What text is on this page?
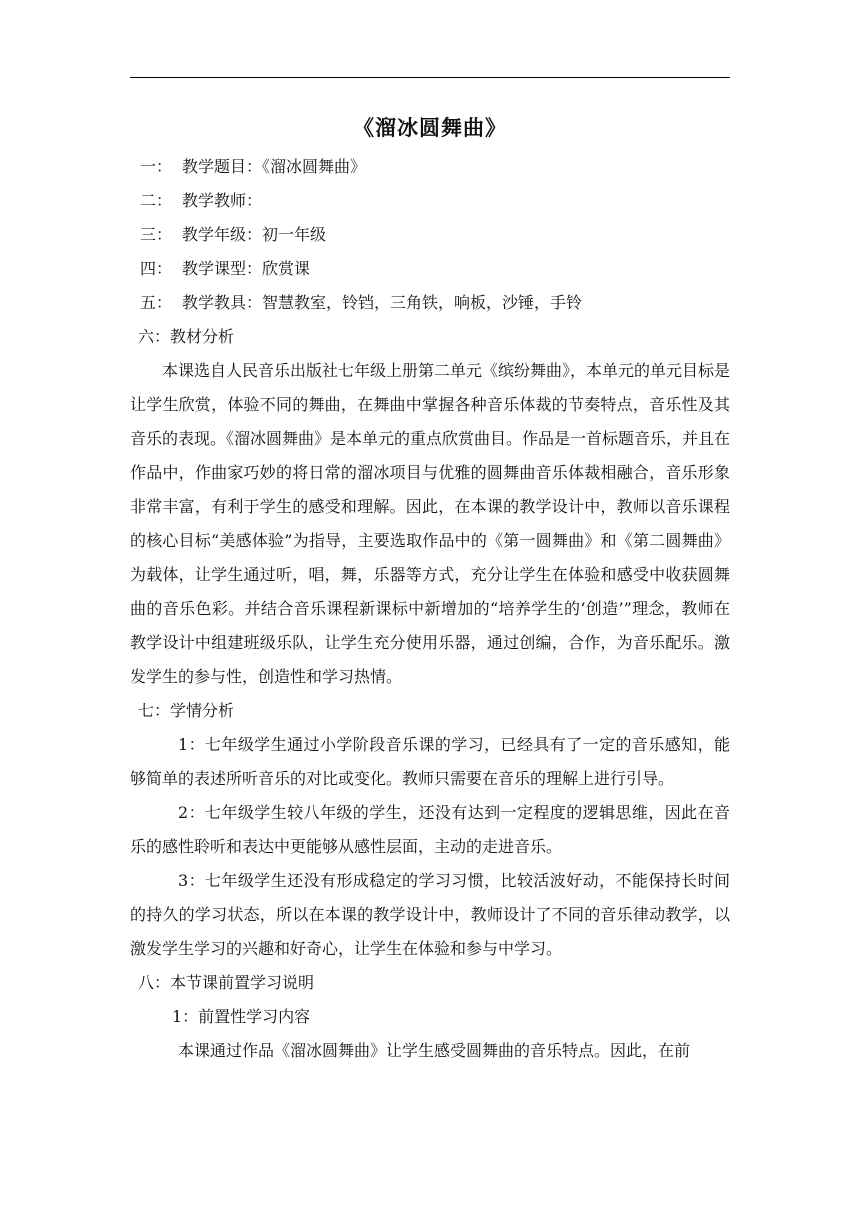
《溜冰圆舞曲》
一： 教学题目：《溜冰圆舞曲》
二： 教学教师：
三： 教学年级：初一年级
四： 教学课型：欣赏课
五： 教学教具：智慧教室，铃铛，三角铁，响板，沙锤，手铃
六：教材分析
本课选自人民音乐出版社七年级上册第二单元《缤纷舞曲》，本单元的单元目标是让学生欣赏，体验不同的舞曲，在舞曲中掌握各种音乐体裁的节奏特点，音乐性及其音乐的表现。《溜冰圆舞曲》是本单元的重点欣赏曲目。作品是一首标题音乐，并且在作品中，作曲家巧妙的将日常的溜冰项目与优雅的圆舞曲音乐体裁相融合，音乐形象非常丰富，有利于学生的感受和理解。因此，在本课的教学设计中，教师以音乐课程的核心目标“美感体验”为指导，主要选取作品中的《第一圆舞曲》和《第二圆舞曲》为载体，让学生通过听，唱，舞，乐器等方式，充分让学生在体验和感受中收获圆舞曲的音乐色彩。并结合音乐课程新课标中新增加的“培养学生的‘创造’”理念，教师在教学设计中组建班级乐队，让学生充分使用乐器，通过创编，合作，为音乐配乐。激发学生的参与性，创造性和学习热情。
七：学情分析
1：七年级学生通过小学阶段音乐课的学习，已经具有了一定的音乐感知，能够简单的表述所听音乐的对比或变化。教师只需要在音乐的理解上进行引导。
2：七年级学生较八年级的学生，还没有达到一定程度的逻辑思维，因此在音乐的感性聆听和表达中更能够从感性层面，主动的走进音乐。
3：七年级学生还没有形成稳定的学习习惯，比较活波好动，不能保持长时间的持久的学习状态，所以在本课的教学设计中，教师设计了不同的音乐律动教学，以激发学生学习的兴趣和好奇心，让学生在体验和参与中学习。
八：本节课前置学习说明
1：前置性学习内容
本课通过作品《溜冰圆舞曲》让学生感受圆舞曲的音乐特点。因此，在前
